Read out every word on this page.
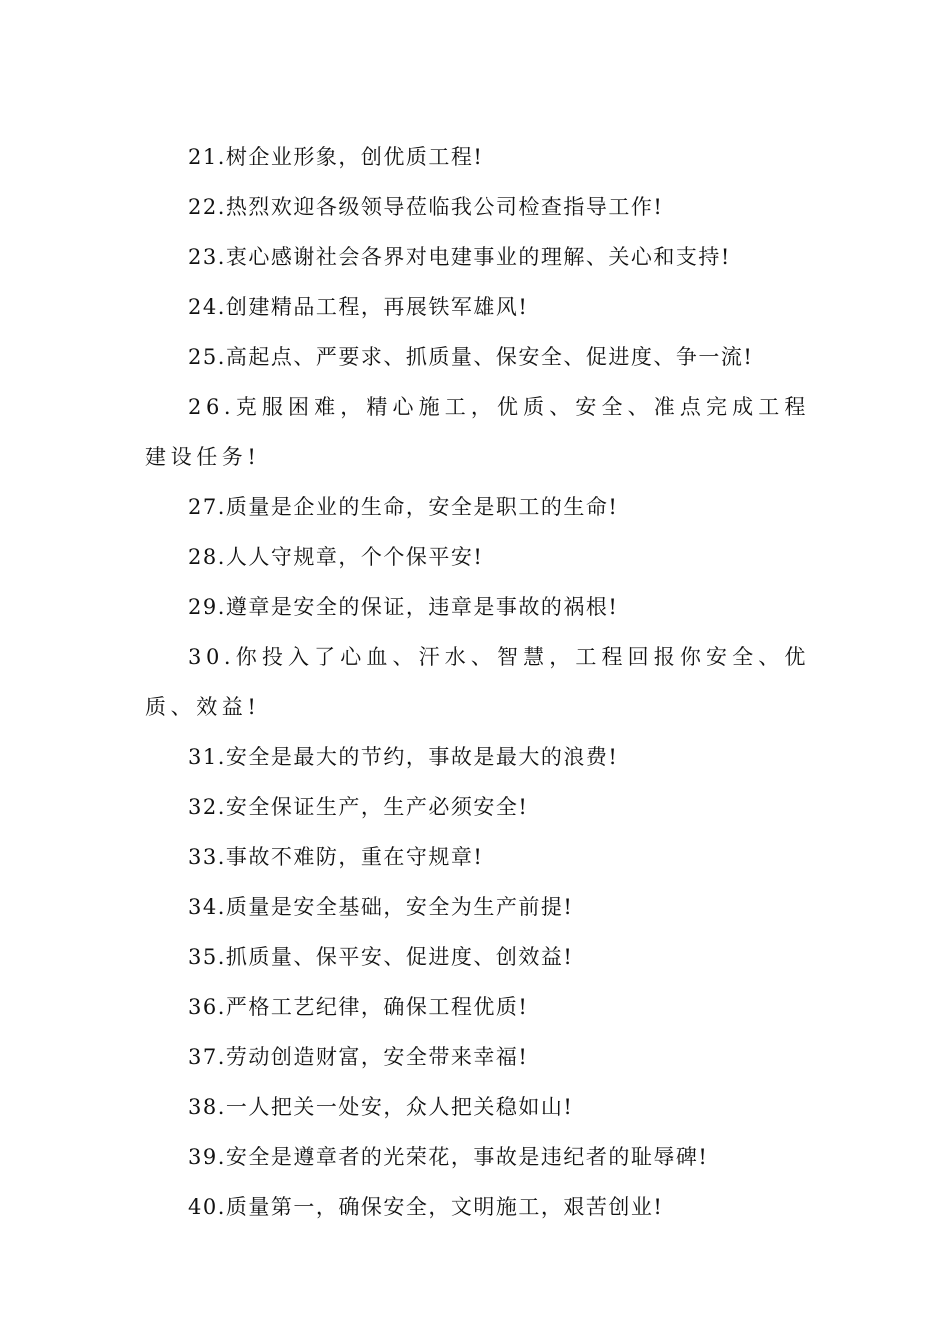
21.树企业形象，创优质工程!

22.热烈欢迎各级领导莅临我公司检查指导工作!

23.衷心感谢社会各界对电建事业的理解、关心和支持!

24.创建精品工程，再展铁军雄风!

25.高起点、严要求、抓质量、保安全、促进度、争一流!

26.克服困难，精心施工，优质、安全、准点完成工程建设任务!

27.质量是企业的生命，安全是职工的生命!

28.人人守规章，个个保平安!

29.遵章是安全的保证，违章是事故的祸根!

30.你投入了心血、汗水、智慧，工程回报你安全、优质、效益!

31.安全是最大的节约，事故是最大的浪费!

32.安全保证生产，生产必须安全!

33.事故不难防，重在守规章!

34.质量是安全基础，安全为生产前提!

35.抓质量、保平安、促进度、创效益!

36.严格工艺纪律，确保工程优质!

37.劳动创造财富，安全带来幸福!

38.一人把关一处安，众人把关稳如山!

39.安全是遵章者的光荣花，事故是违纪者的耻辱碑!

40.质量第一，确保安全，文明施工，艰苦创业!
